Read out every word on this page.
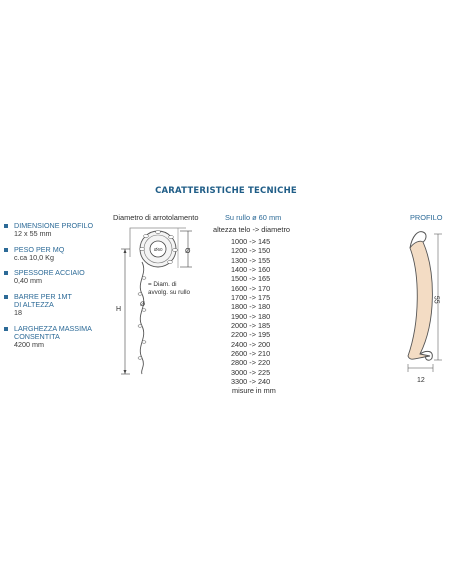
CARATTERISTICHE TECNICHE
DIMENSIONE PROFILO
12 x 55 mm
PESO PER MQ
c.ca 10,0 Kg
SPESSORE ACCIAIO
0,40 mm
BARRE PER 1MT
DI ALTEZZA
18
LARGHEZZA MASSIMA
CONSENTITA
4200 mm
Diametro di arrotolamento	Su rullo ø 60 mm
altezza telo -> diametro
PROFILO
Ø60	Ø
Ø
H
= Diam. di
avvolg. su rullo
1000 -> 145
1200 -> 150
1300 -> 155
1400 -> 160
1500 -> 165
1600 -> 170
1700 -> 175
1800 -> 180
1900 -> 180
2000 -> 185
2200 -> 195
2400 -> 200
2600 -> 210
2800 -> 220
3000 -> 225
3300 -> 240
misure in mm
55
12
